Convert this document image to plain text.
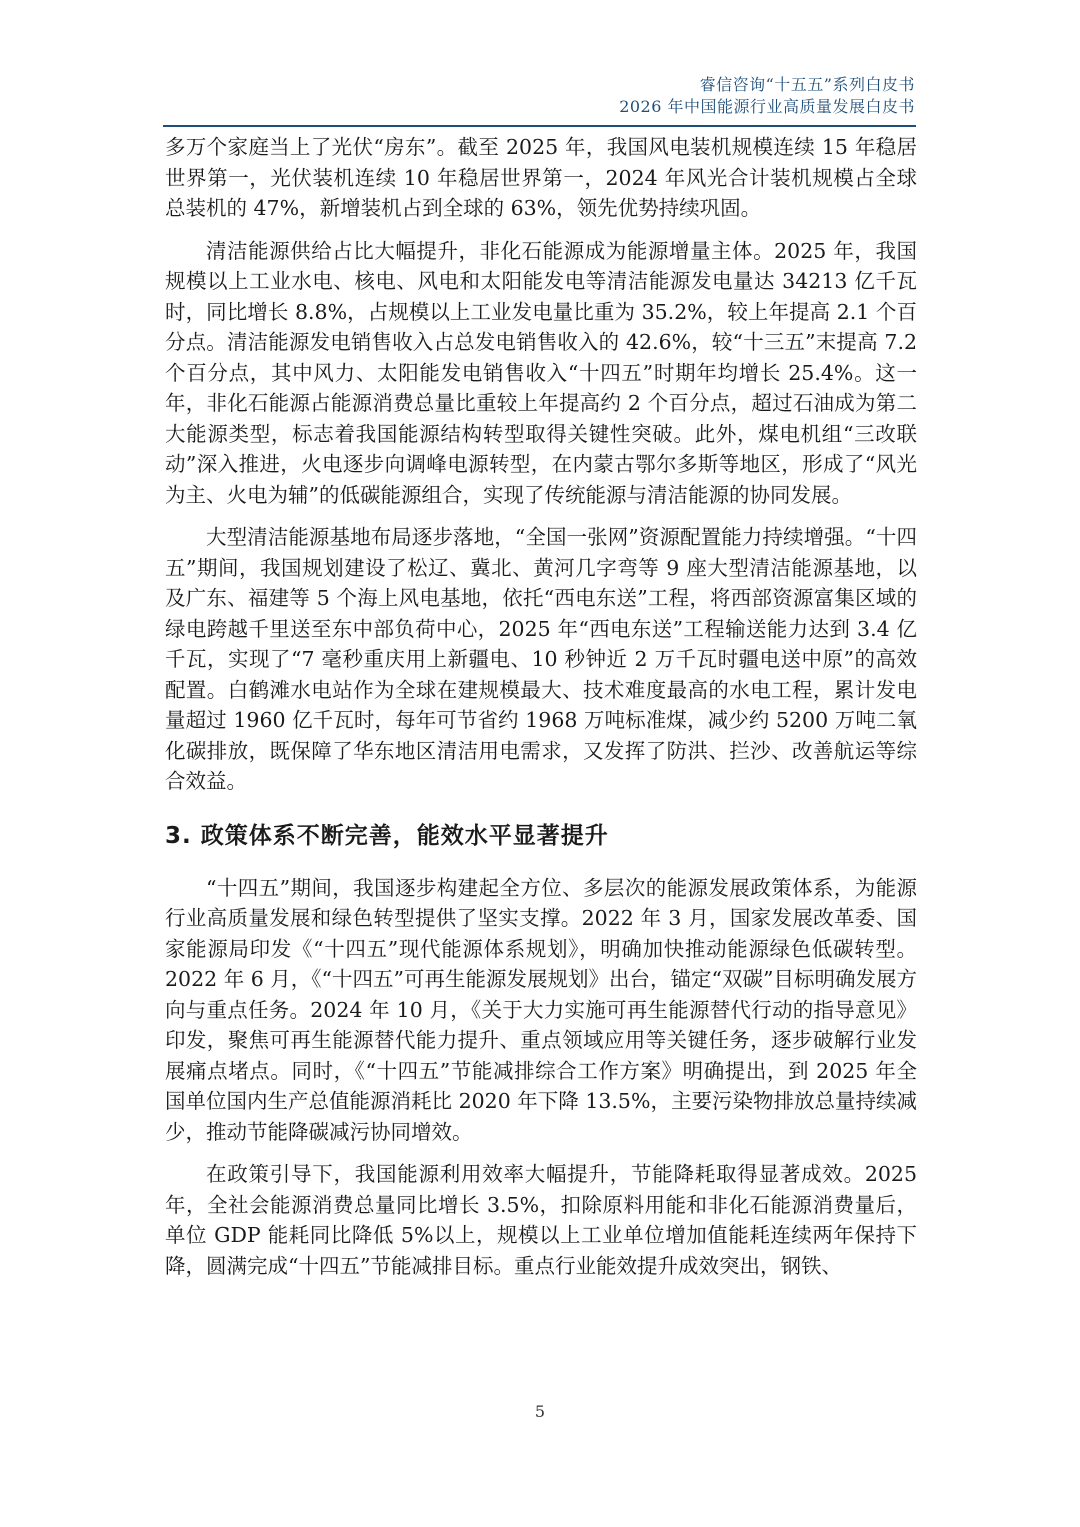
睿信咨询“十五五”系列白皮书
2026 年中国能源行业高质量发展白皮书

多万个家庭当上了光伏“房东”。截至 2025 年，我国风电装机规模连续 15 年稳居世界第一，光伏装机连续 10 年稳居世界第一，2024 年风光合计装机规模占全球总装机的 47%，新增装机占到全球的 63%，领先优势持续巩固。

清洁能源供给占比大幅提升，非化石能源成为能源增量主体。2025 年，我国规模以上工业水电、核电、风电和太阳能发电等清洁能源发电量达 34213 亿千瓦时，同比增长 8.8%，占规模以上工业发电量比重为 35.2%，较上年提高 2.1 个百分点。清洁能源发电销售收入占总发电销售收入的 42.6%，较“十三五”末提高 7.2 个百分点，其中风力、太阳能发电销售收入“十四五”时期年均增长 25.4%。这一年，非化石能源占能源消费总量比重较上年提高约 2 个百分点，超过石油成为第二大能源类型，标志着我国能源结构转型取得关键性突破。此外，煤电机组“三改联动”深入推进，火电逐步向调峰电源转型，在内蒙古鄂尔多斯等地区，形成了“风光为主、火电为辅”的低碳能源组合，实现了传统能源与清洁能源的协同发展。

大型清洁能源基地布局逐步落地，“全国一张网”资源配置能力持续增强。“十四五”期间，我国规划建设了松辽、冀北、黄河几字弯等 9 座大型清洁能源基地，以及广东、福建等 5 个海上风电基地，依托“西电东送”工程，将西部资源富集区域的绿电跨越千里送至东中部负荷中心，2025 年“西电东送”工程输送能力达到 3.4 亿千瓦，实现了“7 毫秒重庆用上新疆电、10 秒钟近 2 万千瓦时疆电送中原”的高效配置。白鹤滩水电站作为全球在建规模最大、技术难度最高的水电工程，累计发电量超过 1960 亿千瓦时，每年可节省约 1968 万吨标准煤，减少约 5200 万吨二氧化碳排放，既保障了华东地区清洁用电需求，又发挥了防洪、拦沙、改善航运等综合效益。

3. 政策体系不断完善，能效水平显著提升

“十四五”期间，我国逐步构建起全方位、多层次的能源发展政策体系，为能源行业高质量发展和绿色转型提供了坚实支撑。2022 年 3 月，国家发展改革委、国家能源局印发《“十四五”现代能源体系规划》，明确加快推动能源绿色低碳转型。2022 年 6 月，《“十四五”可再生能源发展规划》出台，锚定“双碳”目标明确发展方向与重点任务。2024 年 10 月，《关于大力实施可再生能源替代行动的指导意见》印发，聚焦可再生能源替代能力提升、重点领域应用等关键任务，逐步破解行业发展痛点堵点。同时，《“十四五”节能减排综合工作方案》明确提出，到 2025 年全国单位国内生产总值能源消耗比 2020 年下降 13.5%，主要污染物排放总量持续减少，推动节能降碳减污协同增效。

在政策引导下，我国能源利用效率大幅提升，节能降耗取得显著成效。2025 年，全社会能源消费总量同比增长 3.5%，扣除原料用能和非化石能源消费量后，单位 GDP 能耗同比降低 5%以上，规模以上工业单位增加值能耗连续两年保持下降，圆满完成“十四五”节能减排目标。重点行业能效提升成效突出，钢铁、

5
